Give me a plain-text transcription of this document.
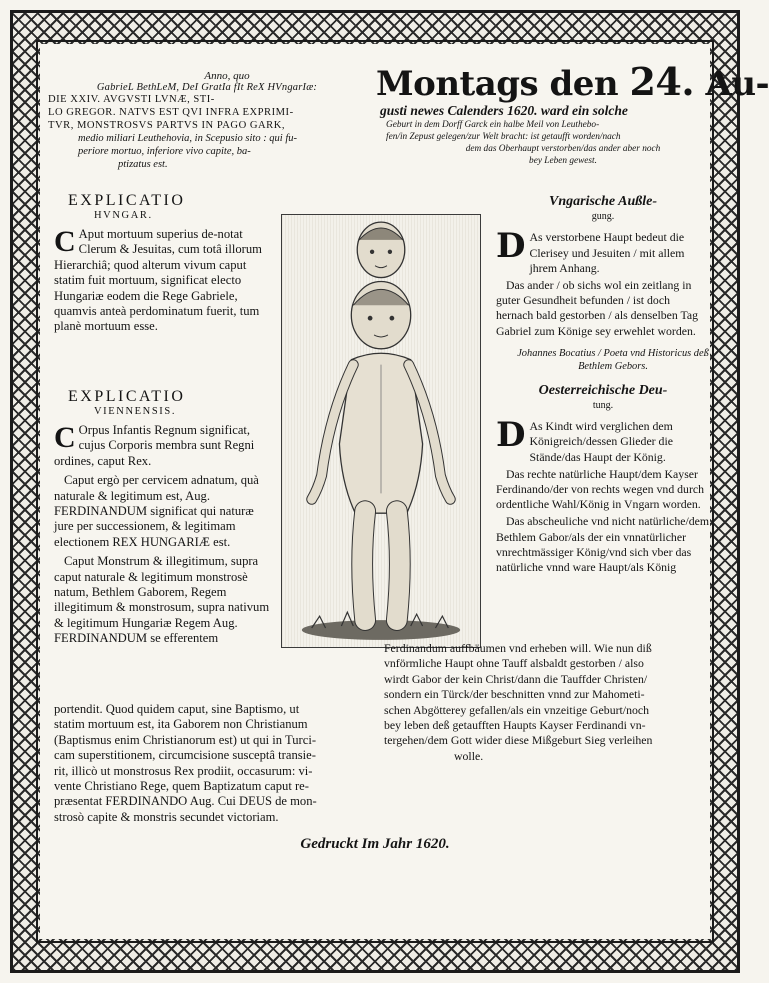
Anno, quo
GabrieL BethLeM, DeI GratIa fIt ReX HVngarIæ:
DIE XXIV. AVGVSTI LVNÆ, STI-
LO GREGOR. NATVS EST QVI INFRA EXPRIMI-
TVR, MONSTROSVS PARTVS IN PAGO GARK,
medio miliari Leuthehovia, in Scepusio sito : qui fu-
periore mortuo, inferiore vivo capite, ba-
ptizatus est.
Montags den 24. Au-
gusti newes Calenders 1620. ward ein solche
Geburt in dem Dorff Garck ein halbe Meil von Leuthebo-
fen/in Zepust gelegen/zur Welt bracht: ist getaufft worden/nach
dem das Oberhaupt verstorben/das ander aber noch
bey Leben gewest.
EXPLICATIO
HVNGAR.
C Aput mortuum superius de-notat Clerum & Jesuitas, cum totâ illorum Hierarchiâ; quod alterum vivum caput statim fuit mortuum, significat electo Hungariæ eodem die Rege Gabriele, quamvis anteà perdominatum fuerit, tum planè mortuum esse.
EXPLICATIO
VIENNENSIS.

C Orpus Infantis Regnum significat, cujus Corporis membra sunt Regni ordines, caput Rex.

Caput ergò per cervicem adnatum, quà naturale & legitimum est, Aug. FERDINANDUM significat qui naturæ jure per successionem, & legitimam electionem REX HUNGARIÆ est.

Caput Monstrum & illegitimum, supra caput naturale & legitimum monstrosè natum, Bethlem Gaborem, Regem illegitimum & monstrosum, supra nativum & legitimum Hungariæ Regem Aug. FERDINANDUM se efferentem

Vngarische Außle-
gung.

D As verstorbene Haupt bedeut die Clerisey und Jesuiten / mit allem jhrem Anhang.

Das ander / ob sichs wol ein zeitlang in guter Gesundheit befunden / ist doch hernach bald gestorben / als denselben Tag Gabriel zum Könige sey erwehlet worden.

Johannes Bocatius / Poeta vnd Historicus deß Bethlem Gebors.
Oesterreichische Deu-
tung.

D As Kindt wird verglichen dem Königreich/dessen Glieder die Stände/das Haupt der König.

Das rechte natürliche Haupt/dem Kayser Ferdinando/der von rechts wegen vnd durch ordentliche Wahl/König in Vngarn worden.

Das abscheuliche vnd nicht natürliche/dem Bethlem Gabor/als der ein vnnatürlicher vnrechtmässiger König/vnd sich vber das natürliche vnnd ware Haupt/als König

Ferdinandum auffbäumen vnd erheben will. Wie nun diß
vnförmliche Haupt ohne Tauff alsbaldt gestorben / also
wirdt Gabor der kein Christ/dann die Tauffder Christen/
sondern ein Türck/der beschnitten vnnd zur Mahometi-
schen Abgötterey gefallen/als ein vnzeitige Geburt/noch
bey leben deß getaufften Haupts Kayser Ferdinandi vn-
tergehen/dem Gott wider diese Mißgeburt Sieg verleihen
wolle.
portendit. Quod quidem caput, sine Baptismo, ut
statim mortuum est, ita Gaborem non Christianum
(Baptismus enim Christianorum est) ut qui in Turci-
cam superstitionem, circumcisione susceptâ transie-
rit, illicò ut monstrosus Rex prodiit, occasurum: vi-
vente Christiano Rege, quem Baptizatum caput re-
præsentat FERDINANDO Aug. Cui DEUS de mon-
strosò capite & monstris secundet victoriam.
Gedruckt Im Jahr 1620.
